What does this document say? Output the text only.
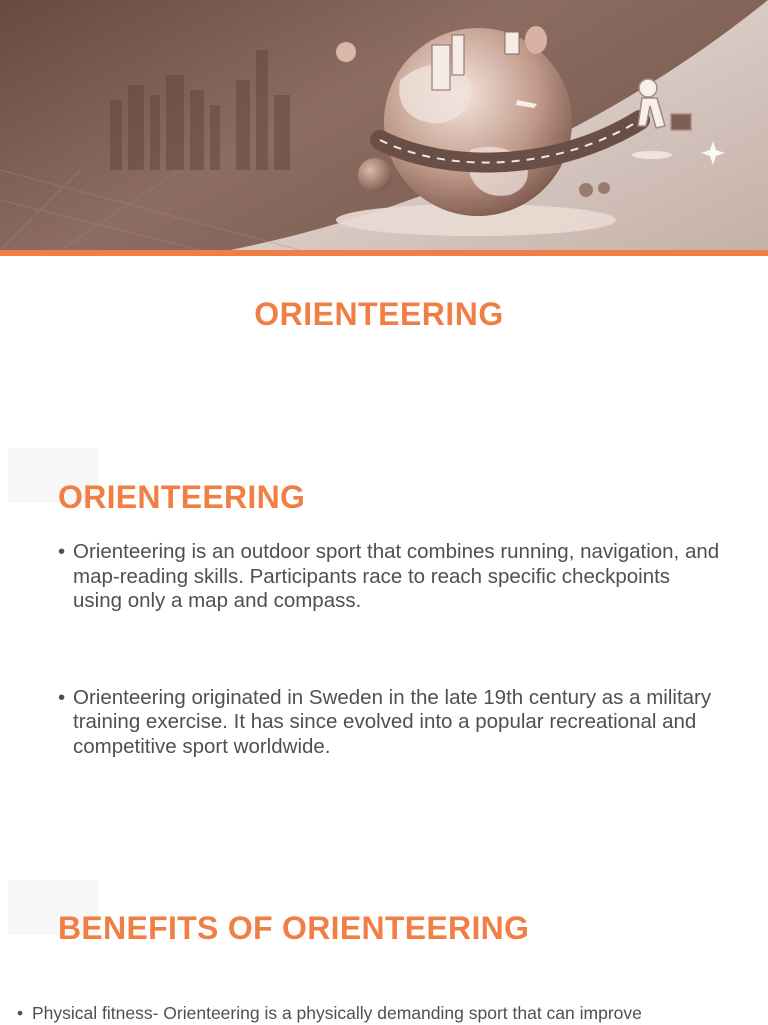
ORIENTEERING
ORIENTEERING
• Orienteering is an outdoor sport that combines running, navigation, and map-reading skills. Participants race to reach specific checkpoints using only a map and compass.
• Orienteering originated in Sweden in the late 19th century as a military training exercise. It has since evolved into a popular recreational and competitive sport worldwide.
BENEFITS OF ORIENTEERING
• Physical fitness- Orienteering is a physically demanding sport that can improve
